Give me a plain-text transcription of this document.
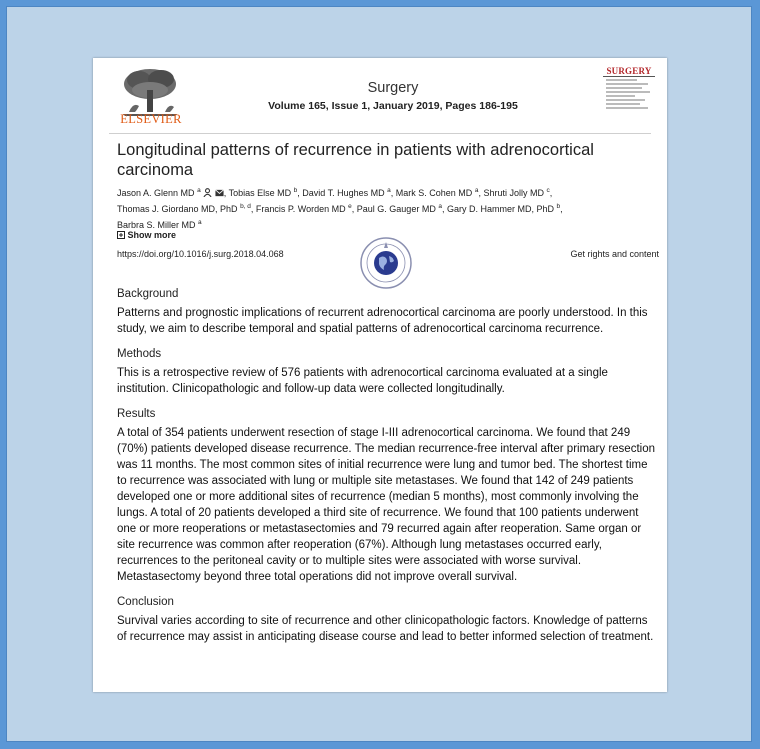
ELSEVIER
Surgery
Volume 165, Issue 1, January 2019, Pages 186-195
SURGERY
Longitudinal patterns of recurrence in patients with adrenocortical carcinoma
Jason A. Glenn MD $^a$	, Tobias Else MD $^b$, David T. Hughes MD $^a$, Mark S. Cohen MD $^a$, Shruti Jolly MD $^c$,
Thomas J. Giordano MD, PhD $^{b, d}$, Francis P. Worden MD $^e$, Paul G. Gauger MD $^a$, Gary D. Hammer MD, PhD $^b$,
Barbra S. Miller MD $^a$
Show more
https://doi.org/10.1016/j.surg.2018.04.068	Get rights and content
Background
Patterns and prognostic implications of recurrent adrenocortical carcinoma are poorly understood. In this study, we aim to describe temporal and spatial patterns of adrenocortical carcinoma recurrence.
Methods
This is a retrospective review of 576 patients with adrenocortical carcinoma evaluated at a single institution. Clinicopathologic and follow-up data were collected longitudinally.
Results
A total of 354 patients underwent resection of stage I-III adrenocortical carcinoma. We found that 249 (70%) patients developed disease recurrence. The median recurrence-free interval after primary resection was 11 months. The most common sites of initial recurrence were lung and tumor bed. The shortest time to recurrence was associated with lung or multiple site metastases. We found that 142 of 249 patients developed one or more additional sites of recurrence (median 5 months), most commonly involving the lungs. A total of 20 patients developed a third site of recurrence. We found that 100 patients underwent one or more reoperations or metastasectomies and 79 recurred again after reoperation. Same organ or site recurrence was common after reoperation (67%). Although lung metastases occurred early, recurrences to the peritoneal cavity or to multiple sites were associated with worse survival. Metastasectomy beyond three total operations did not improve overall survival.
Conclusion
Survival varies according to site of recurrence and other clinicopathologic factors. Knowledge of patterns of recurrence may assist in anticipating disease course and lead to better informed selection of treatment.
